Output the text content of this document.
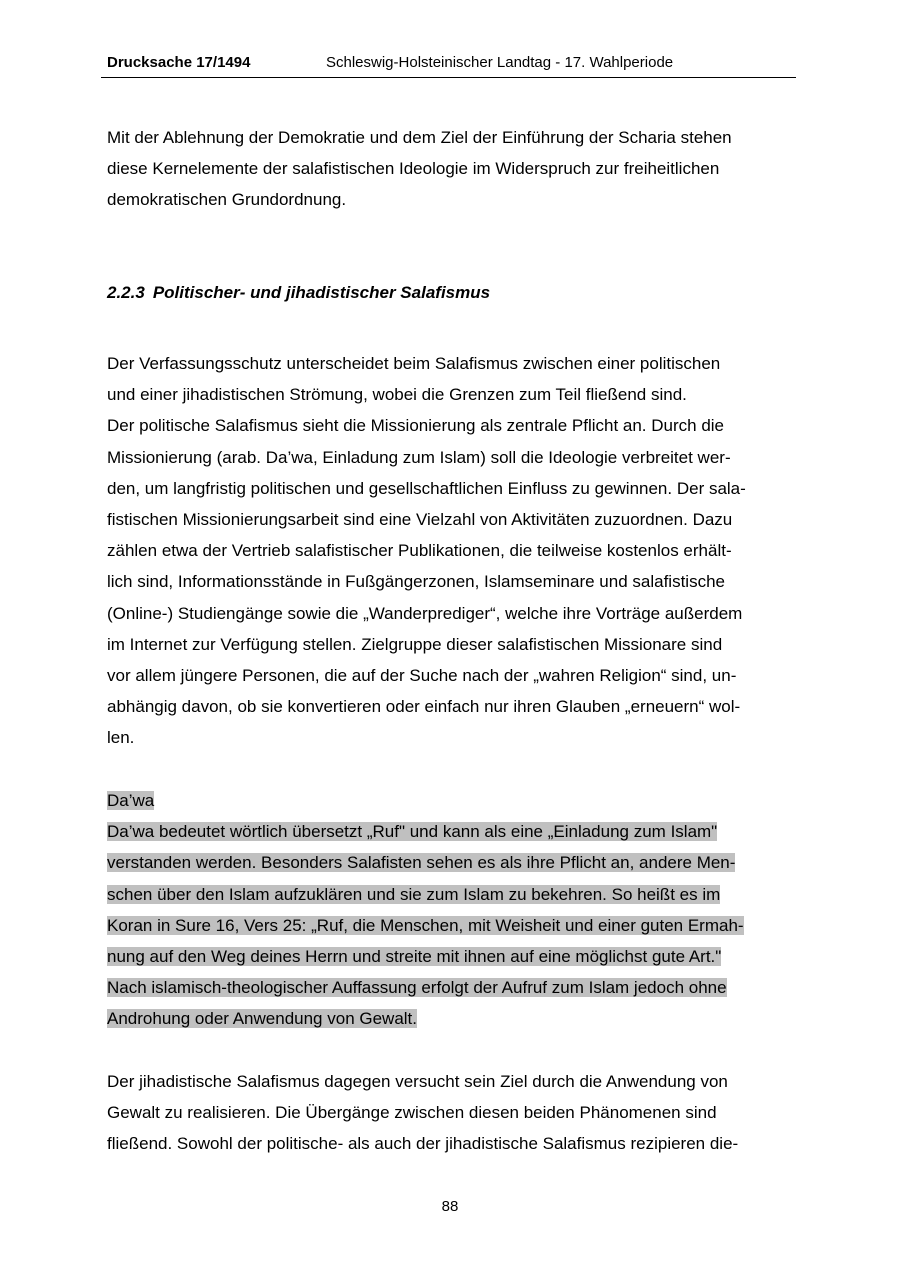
Drucksache 17/1494	Schleswig-Holsteinischer Landtag - 17. Wahlperiode
Mit der Ablehnung der Demokratie und dem Ziel der Einführung der Scharia stehen
diese Kernelemente der salafistischen Ideologie im Widerspruch zur freiheitlichen
demokratischen Grundordnung.
2.2.3 Politischer- und jihadistischer Salafismus
Der Verfassungsschutz unterscheidet beim Salafismus zwischen einer politischen
und einer jihadistischen Strömung, wobei die Grenzen zum Teil fließend sind.
Der politische Salafismus sieht die Missionierung als zentrale Pflicht an. Durch die
Missionierung (arab. Da’wa, Einladung zum Islam) soll die Ideologie verbreitet wer-
den, um langfristig politischen und gesellschaftlichen Einfluss zu gewinnen. Der sala-
fistischen Missionierungsarbeit sind eine Vielzahl von Aktivitäten zuzuordnen. Dazu
zählen etwa der Vertrieb salafistischer Publikationen, die teilweise kostenlos erhält-
lich sind, Informationsstände in Fußgängerzonen, Islamseminare und salafistische
(Online-) Studiengänge sowie die „Wanderprediger“, welche ihre Vorträge außerdem
im Internet zur Verfügung stellen. Zielgruppe dieser salafistischen Missionare sind
vor allem jüngere Personen, die auf der Suche nach der „wahren Religion“ sind, un-
abhängig davon, ob sie konvertieren oder einfach nur ihren Glauben „erneuern“ wol-
len.
Da’wa
Da’wa bedeutet wörtlich übersetzt „Ruf" und kann als eine „Einladung zum Islam"
verstanden werden. Besonders Salafisten sehen es als ihre Pflicht an, andere Men-
schen über den Islam aufzuklären und sie zum Islam zu bekehren. So heißt es im
Koran in Sure 16, Vers 25: „Ruf, die Menschen, mit Weisheit und einer guten Ermah-
nung auf den Weg deines Herrn und streite mit ihnen auf eine möglichst gute Art."
Nach islamisch-theologischer Auffassung erfolgt der Aufruf zum Islam jedoch ohne
Androhung oder Anwendung von Gewalt.
Der jihadistische Salafismus dagegen versucht sein Ziel durch die Anwendung von
Gewalt zu realisieren. Die Übergänge zwischen diesen beiden Phänomenen sind
fließend. Sowohl der politische- als auch der jihadistische Salafismus rezipieren die-
88
